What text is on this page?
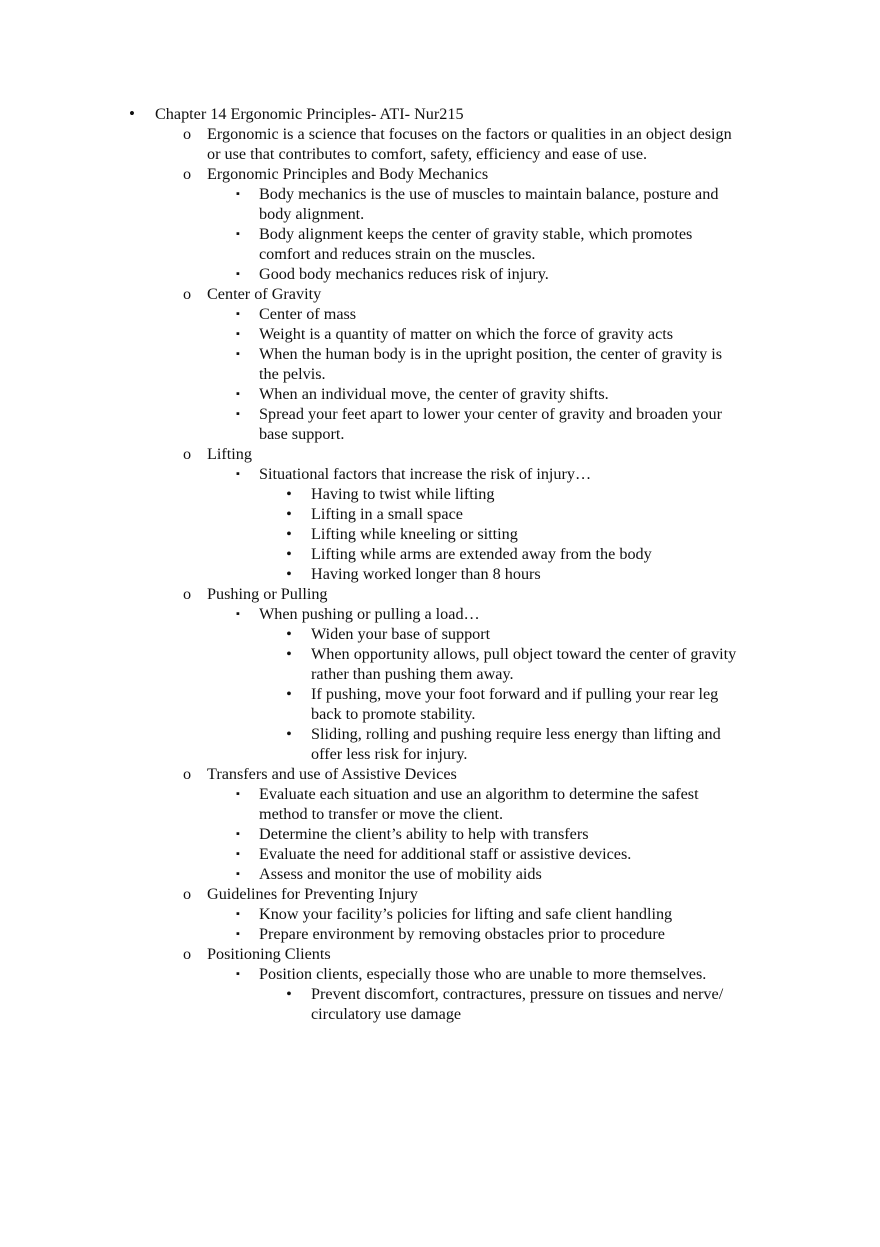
•	Chapter 14 Ergonomic Principles- ATI- Nur215
o Ergonomic is a science that focuses on the factors or qualities in an object design
or use that contributes to comfort, safety, efficiency and ease of use.
o Ergonomic Principles and Body Mechanics
▪	Body mechanics is the use of muscles to maintain balance, posture and
body alignment.
▪	Body alignment keeps the center of gravity stable, which promotes
comfort and reduces strain on the muscles.
▪	Good body mechanics reduces risk of injury.
o Center of Gravity
▪	Center of mass
▪	Weight is a quantity of matter on which the force of gravity acts
▪	When the human body is in the upright position, the center of gravity is
the pelvis.
▪	When an individual move, the center of gravity shifts.
▪	Spread your feet apart to lower your center of gravity and broaden your
base support.
o Lifting
▪	Situational factors that increase the risk of injury…
•	Having to twist while lifting
•	Lifting in a small space
•	Lifting while kneeling or sitting
•	Lifting while arms are extended away from the body
•	Having worked longer than 8 hours
o Pushing or Pulling
▪	When pushing or pulling a load…
•	Widen your base of support
•	When opportunity allows, pull object toward the center of gravity
rather than pushing them away.
•	If pushing, move your foot forward and if pulling your rear leg
back to promote stability.
•	Sliding, rolling and pushing require less energy than lifting and
offer less risk for injury.
o Transfers and use of Assistive Devices
▪	Evaluate each situation and use an algorithm to determine the safest
method to transfer or move the client.
▪	Determine the client’s ability to help with transfers
▪	Evaluate the need for additional staff or assistive devices.
▪	Assess and monitor the use of mobility aids
o Guidelines for Preventing Injury
▪	Know your facility’s policies for lifting and safe client handling
▪	Prepare environment by removing obstacles prior to procedure
o Positioning Clients
▪	Position clients, especially those who are unable to more themselves.
•	Prevent discomfort, contractures, pressure on tissues and nerve/
circulatory use damage
